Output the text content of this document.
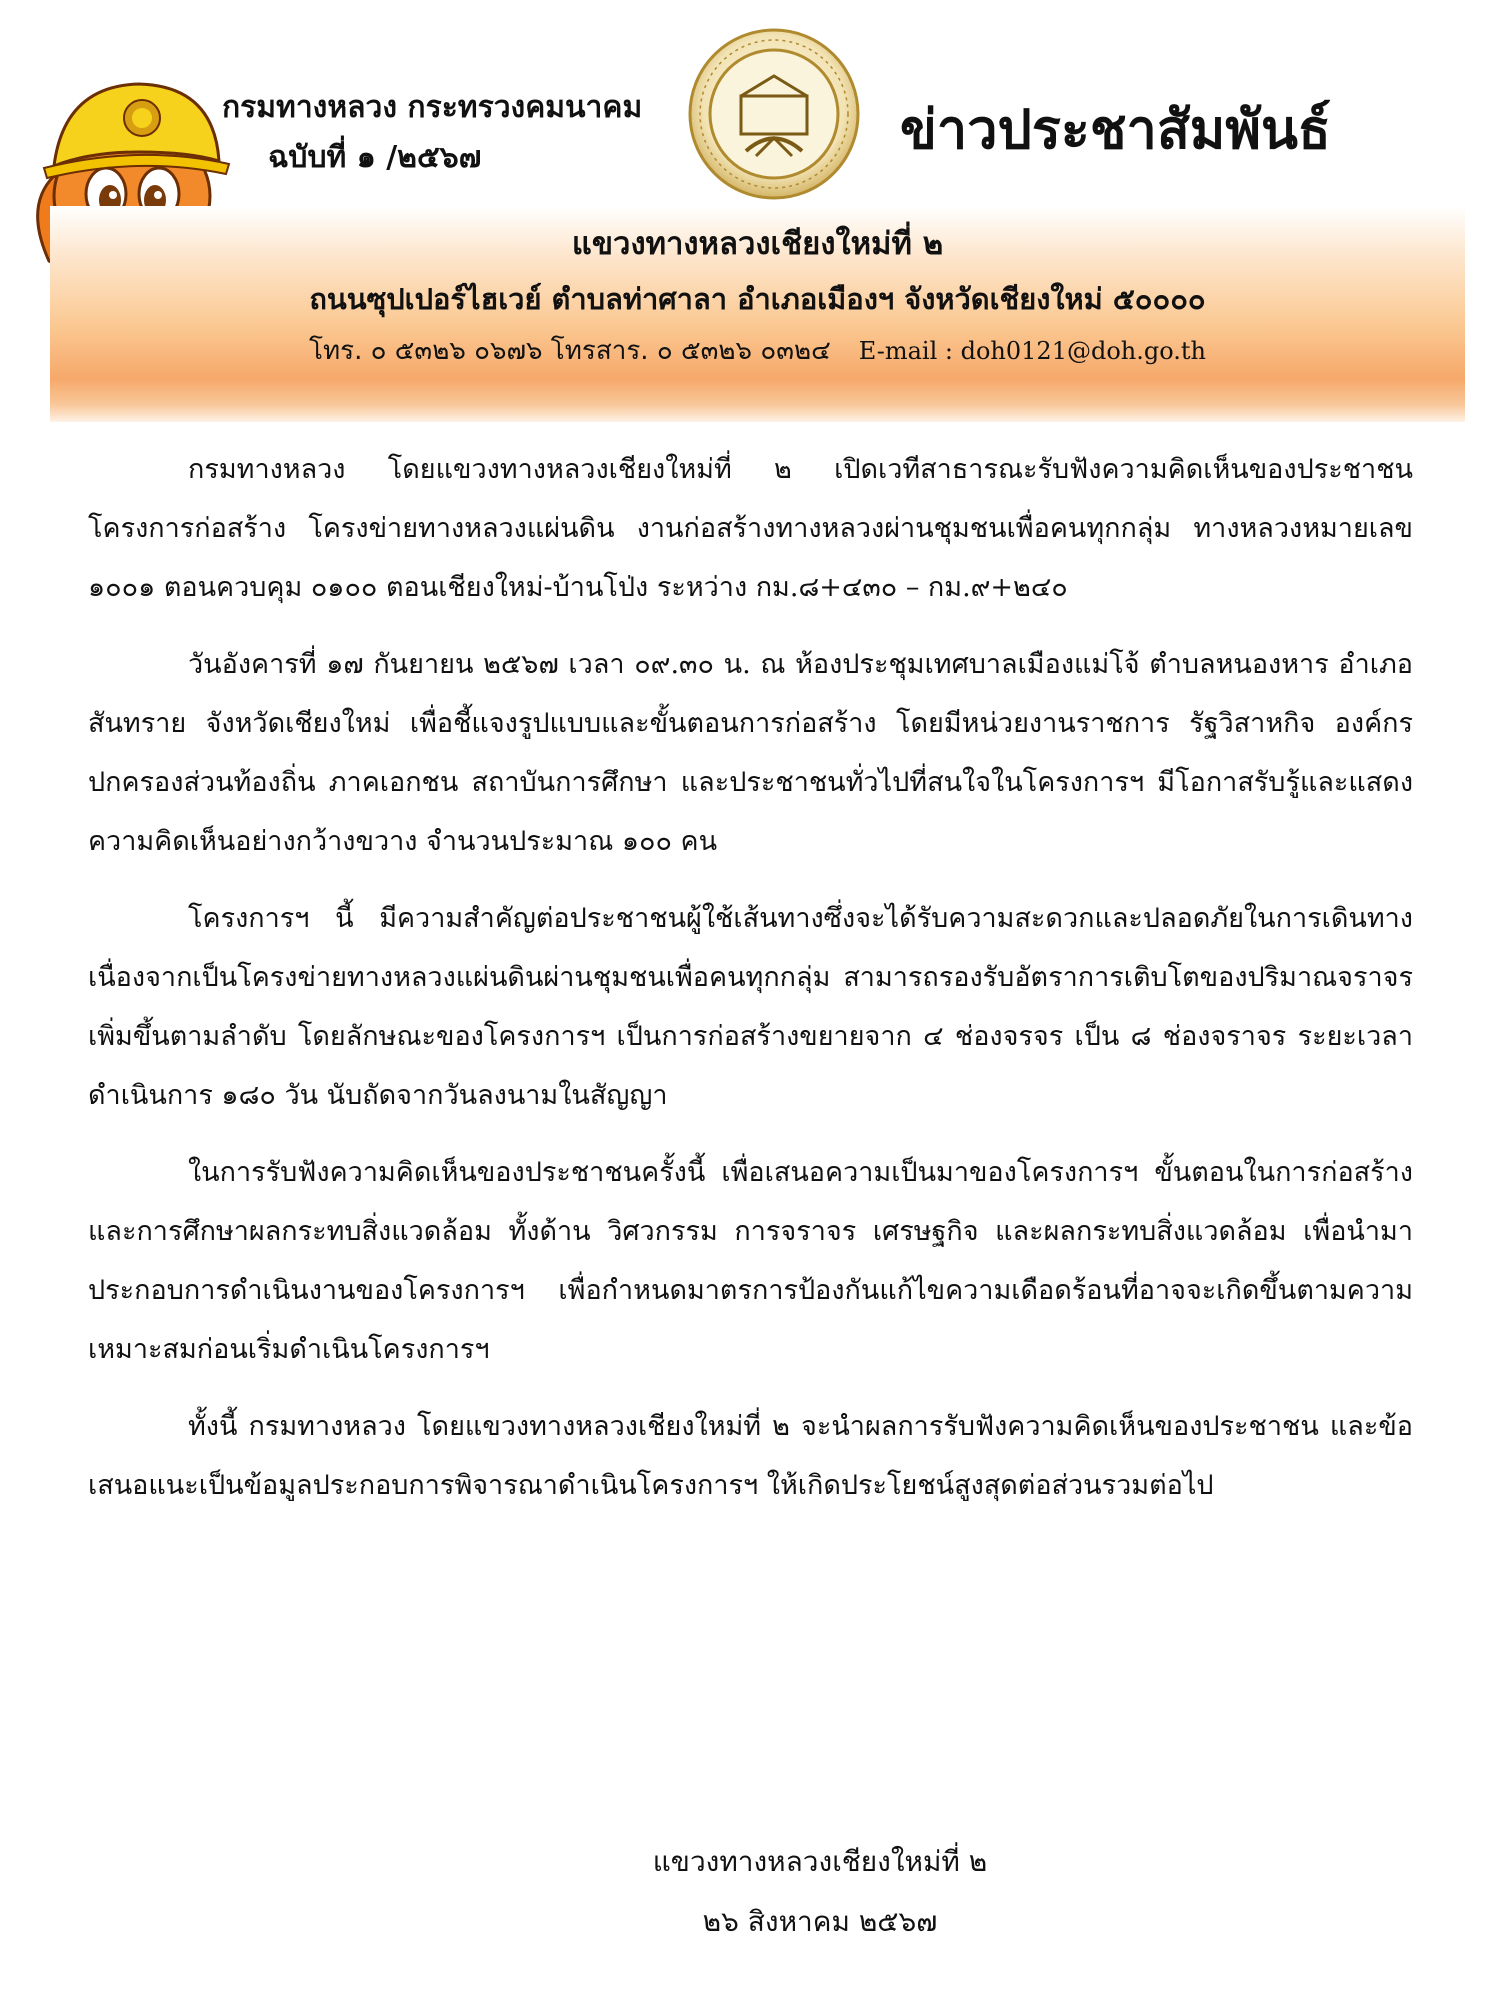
กรมทางหลวง กระทรวงคมนาคม
ฉบับที่ ๑ /๒๕๖๗	ข่าวประชาสัมพันธ์
แขวงทางหลวงเชียงใหม่ที่ ๒
ถนนซุปเปอร์ไฮเวย์ ตำบลท่าศาลา อำเภอเมืองฯ จังหวัดเชียงใหม่ ๕๐๐๐๐
โทร. ๐ ๕๓๒๖ ๐๖๗๖ โทรสาร. ๐ ๕๓๒๖ ๐๓๒๔ E-mail : doh0121@doh.go.th

กรมทางหลวง โดยแขวงทางหลวงเชียงใหม่ที่ ๒ เปิดเวทีสาธารณะรับฟังความคิดเห็นของประชาชน โครงการก่อสร้าง โครงข่ายทางหลวงแผ่นดิน งานก่อสร้างทางหลวงผ่านชุมชนเพื่อคนทุกกลุ่ม ทางหลวงหมายเลข ๑๐๐๑ ตอนควบคุม ๐๑๐๐ ตอนเชียงใหม่-บ้านโป่ง ระหว่าง กม.๘+๔๓๐ – กม.๙+๒๔๐

วันอังคารที่ ๑๗ กันยายน ๒๕๖๗ เวลา ๐๙.๓๐ น. ณ ห้องประชุมเทศบาลเมืองแม่โจ้ ตำบลหนองหาร อำเภอสันทราย จังหวัดเชียงใหม่ เพื่อชี้แจงรูปแบบและขั้นตอนการก่อสร้าง โดยมีหน่วยงานราชการ รัฐวิสาหกิจ องค์กรปกครองส่วนท้องถิ่น ภาคเอกชน สถาบันการศึกษา และประชาชนทั่วไปที่สนใจในโครงการฯ มีโอกาสรับรู้และแสดงความคิดเห็นอย่างกว้างขวาง จำนวนประมาณ ๑๐๐ คน

โครงการฯ นี้ มีความสำคัญต่อประชาชนผู้ใช้เส้นทางซึ่งจะได้รับความสะดวกและปลอดภัยในการเดินทาง เนื่องจากเป็นโครงข่ายทางหลวงแผ่นดินผ่านชุมชนเพื่อคนทุกกลุ่ม สามารถรองรับอัตราการเติบโตของปริมาณจราจรเพิ่มขึ้นตามลำดับ โดยลักษณะของโครงการฯ เป็นการก่อสร้างขยายจาก ๔ ช่องจรจร เป็น ๘ ช่องจราจร ระยะเวลาดำเนินการ ๑๘๐ วัน นับถัดจากวันลงนามในสัญญา

ในการรับฟังความคิดเห็นของประชาชนครั้งนี้ เพื่อเสนอความเป็นมาของโครงการฯ ขั้นตอนในการก่อสร้าง และการศึกษาผลกระทบสิ่งแวดล้อม ทั้งด้าน วิศวกรรม การจราจร เศรษฐกิจ และผลกระทบสิ่งแวดล้อม เพื่อนำมาประกอบการดำเนินงานของโครงการฯ เพื่อกำหนดมาตรการป้องกันแก้ไขความเดือดร้อนที่อาจจะเกิดขึ้นตามความเหมาะสมก่อนเริ่มดำเนินโครงการฯ

ทั้งนี้ กรมทางหลวง โดยแขวงทางหลวงเชียงใหม่ที่ ๒ จะนำผลการรับฟังความคิดเห็นของประชาชน และข้อเสนอแนะเป็นข้อมูลประกอบการพิจารณาดำเนินโครงการฯ ให้เกิดประโยชน์สูงสุดต่อส่วนรวมต่อไป

แขวงทางหลวงเชียงใหม่ที่ ๒
๒๖ สิงหาคม ๒๕๖๗
